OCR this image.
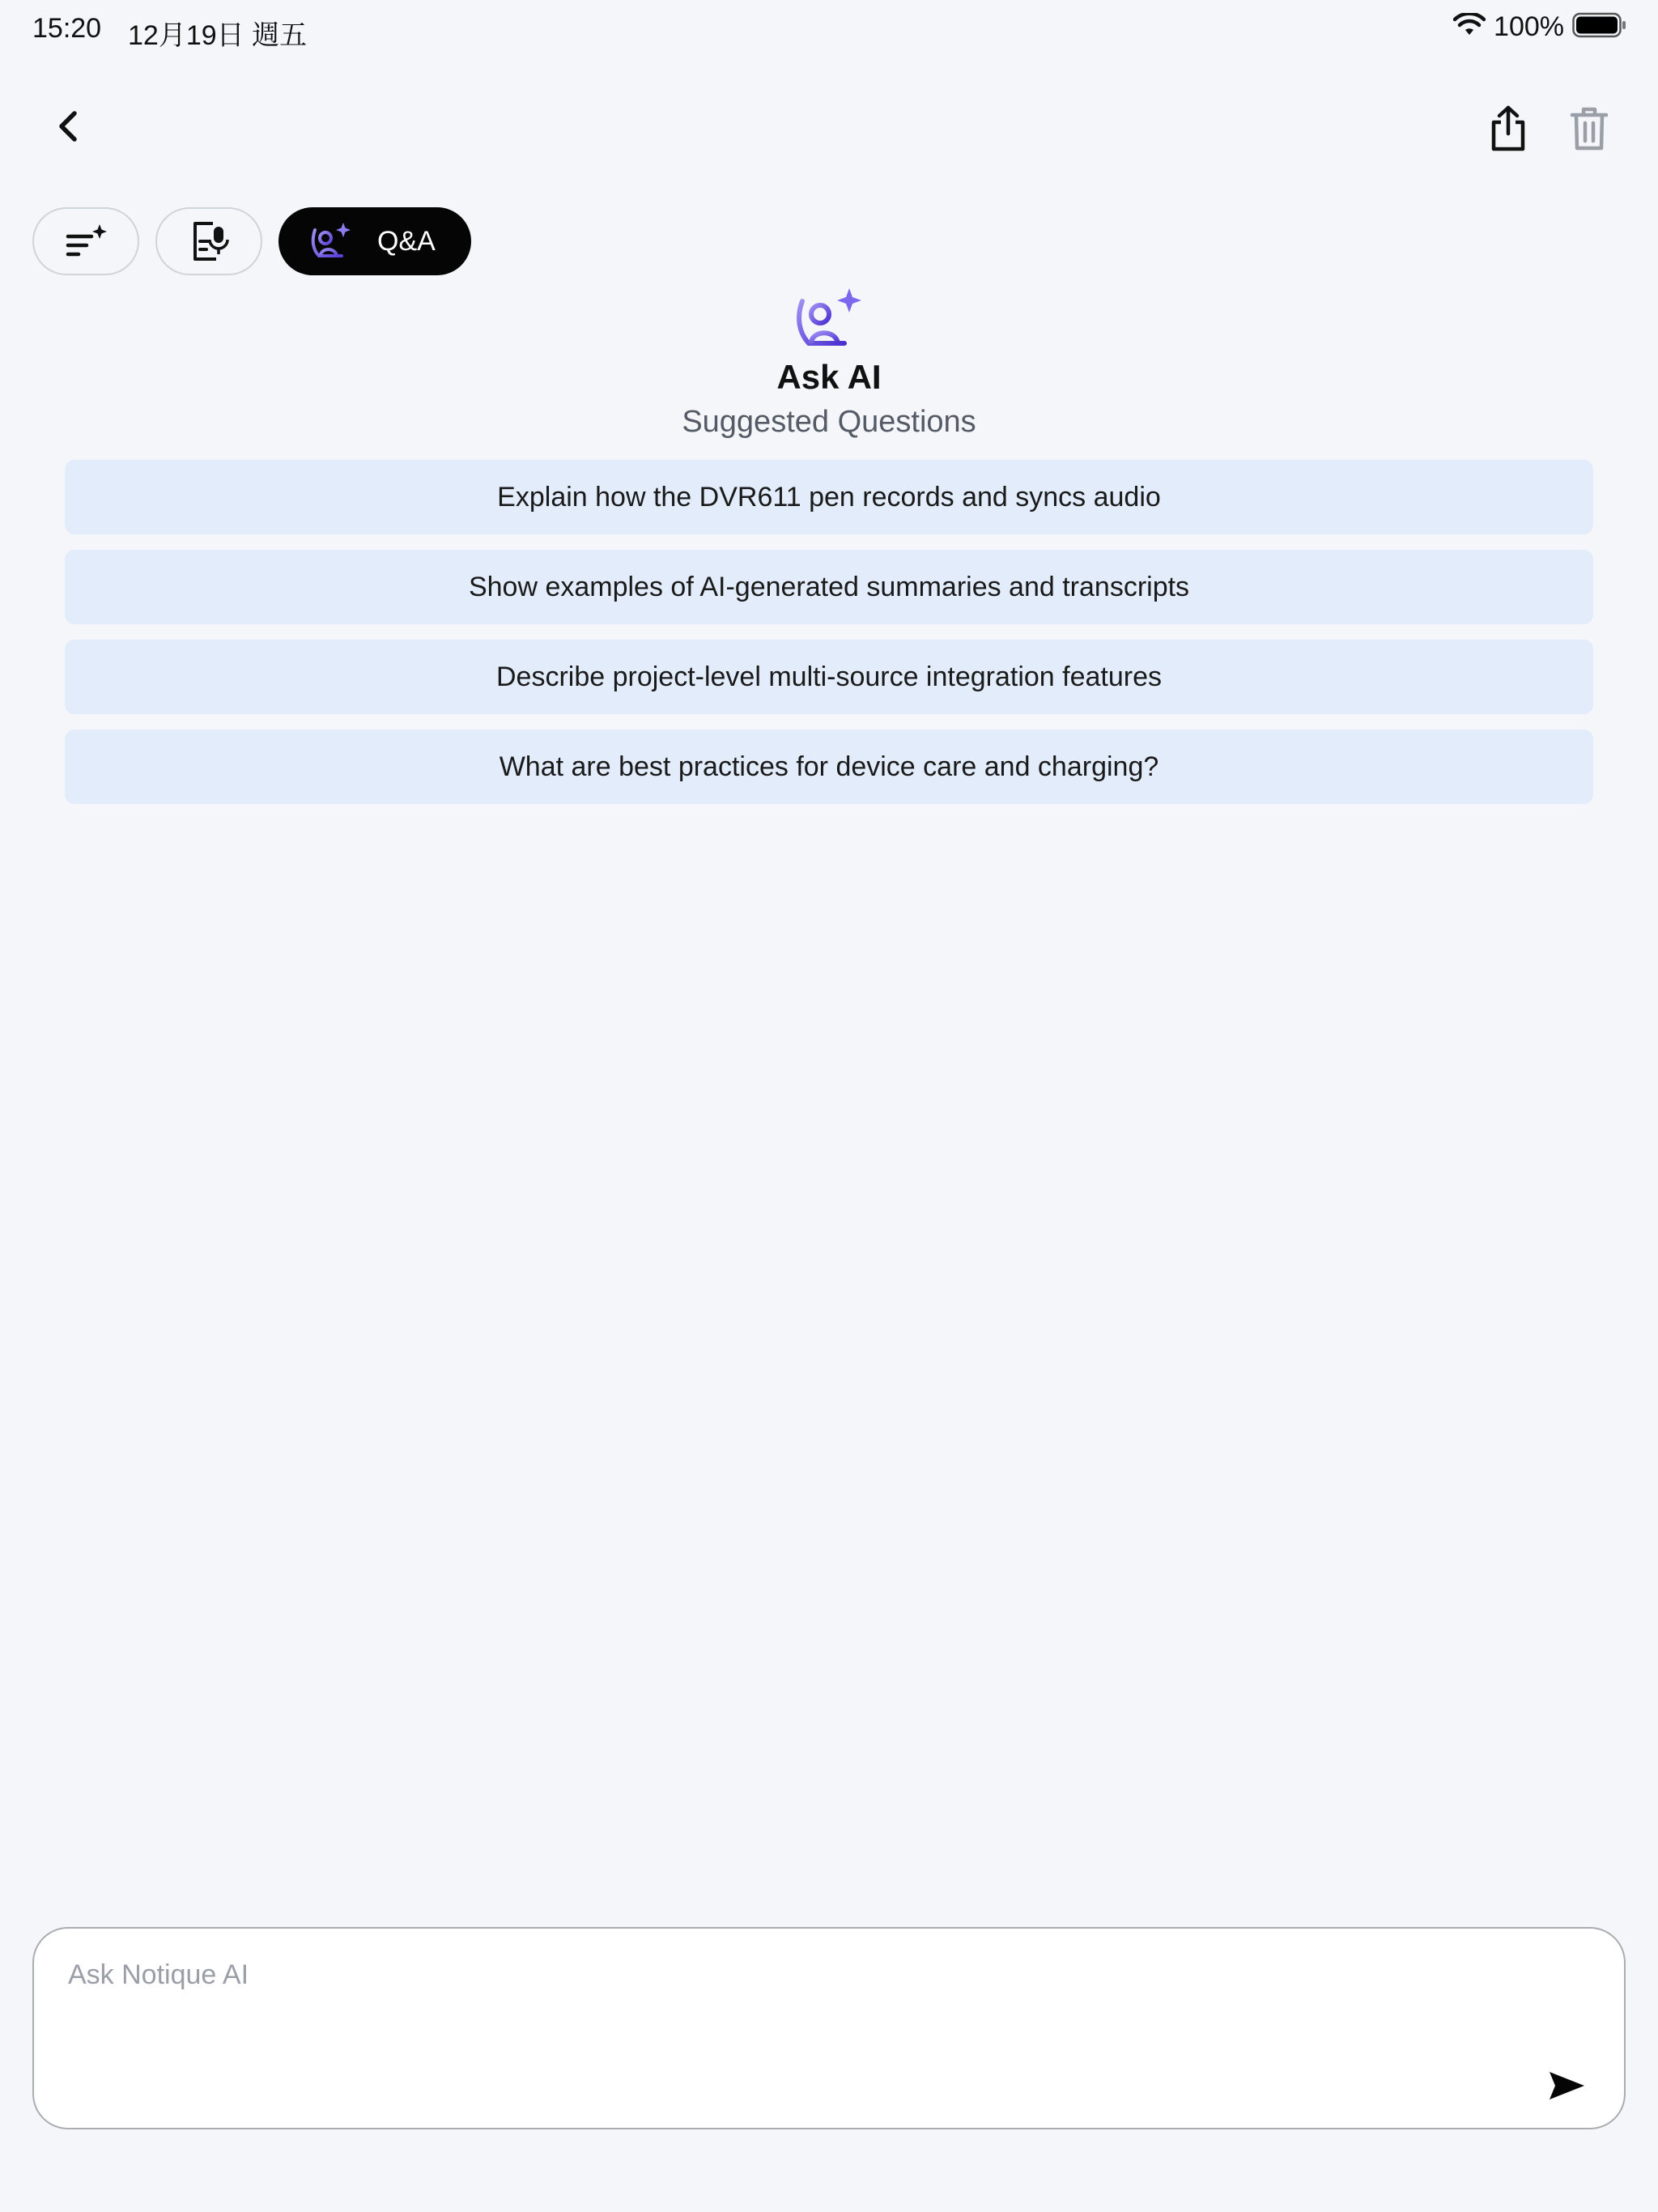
15:20 12月19日 週五	100%
Q&A
Ask AI
Suggested Questions
Explain how the DVR611 pen records and syncs audio
Show examples of AI-generated summaries and transcripts
Describe project-level multi-source integration features
What are best practices for device care and charging?
Ask Notique AI
